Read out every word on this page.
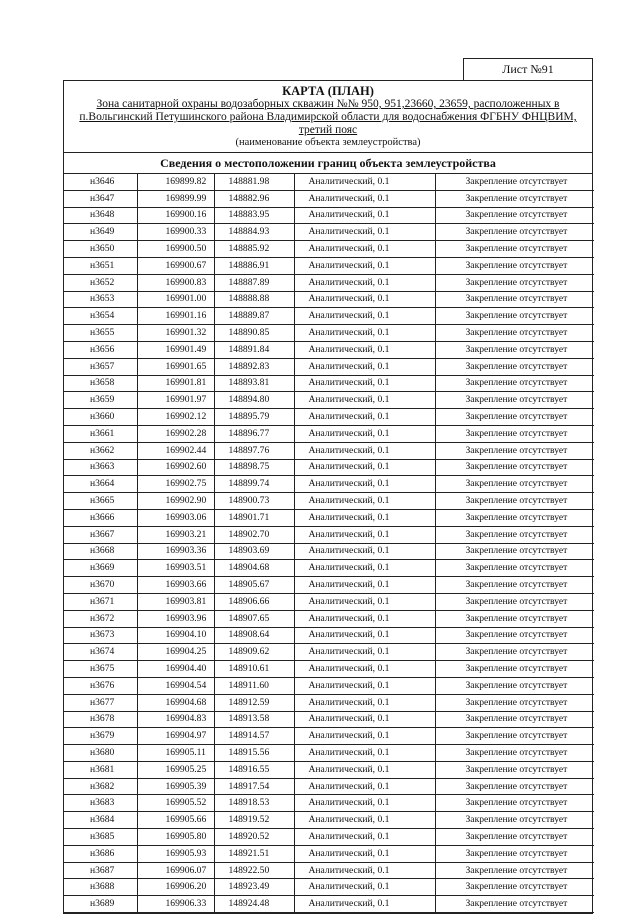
Лист №91
КАРТА (ПЛАН)
Зона санитарной охраны водозаборных скважин №№ 950, 951,23660, 23659, расположенных в
п.Вольгинский Петушинского района Владимирской области для водоснабжения ФГБНУ ФНЦВИМ,
третий пояс
(наименование объекта землеустройства)
Сведения о местоположении границ объекта землеустройства
н3646	169899.82	148881.98	Аналитический, 0.1	Закрепление отсутствует
н3647	169899.99	148882.96	Аналитический, 0.1	Закрепление отсутствует
н3648	169900.16	148883.95	Аналитический, 0.1	Закрепление отсутствует
н3649	169900.33	148884.93	Аналитический, 0.1	Закрепление отсутствует
н3650	169900.50	148885.92	Аналитический, 0.1	Закрепление отсутствует
н3651	169900.67	148886.91	Аналитический, 0.1	Закрепление отсутствует
н3652	169900.83	148887.89	Аналитический, 0.1	Закрепление отсутствует
н3653	169901.00	148888.88	Аналитический, 0.1	Закрепление отсутствует
н3654	169901.16	148889.87	Аналитический, 0.1	Закрепление отсутствует
н3655	169901.32	148890.85	Аналитический, 0.1	Закрепление отсутствует
н3656	169901.49	148891.84	Аналитический, 0.1	Закрепление отсутствует
н3657	169901.65	148892.83	Аналитический, 0.1	Закрепление отсутствует
н3658	169901.81	148893.81	Аналитический, 0.1	Закрепление отсутствует
н3659	169901.97	148894.80	Аналитический, 0.1	Закрепление отсутствует
н3660	169902.12	148895.79	Аналитический, 0.1	Закрепление отсутствует
н3661	169902.28	148896.77	Аналитический, 0.1	Закрепление отсутствует
н3662	169902.44	148897.76	Аналитический, 0.1	Закрепление отсутствует
н3663	169902.60	148898.75	Аналитический, 0.1	Закрепление отсутствует
н3664	169902.75	148899.74	Аналитический, 0.1	Закрепление отсутствует
н3665	169902.90	148900.73	Аналитический, 0.1	Закрепление отсутствует
н3666	169903.06	148901.71	Аналитический, 0.1	Закрепление отсутствует
н3667	169903.21	148902.70	Аналитический, 0.1	Закрепление отсутствует
н3668	169903.36	148903.69	Аналитический, 0.1	Закрепление отсутствует
н3669	169903.51	148904.68	Аналитический, 0.1	Закрепление отсутствует
н3670	169903.66	148905.67	Аналитический, 0.1	Закрепление отсутствует
н3671	169903.81	148906.66	Аналитический, 0.1	Закрепление отсутствует
н3672	169903.96	148907.65	Аналитический, 0.1	Закрепление отсутствует
н3673	169904.10	148908.64	Аналитический, 0.1	Закрепление отсутствует
н3674	169904.25	148909.62	Аналитический, 0.1	Закрепление отсутствует
н3675	169904.40	148910.61	Аналитический, 0.1	Закрепление отсутствует
н3676	169904.54	148911.60	Аналитический, 0.1	Закрепление отсутствует
н3677	169904.68	148912.59	Аналитический, 0.1	Закрепление отсутствует
н3678	169904.83	148913.58	Аналитический, 0.1	Закрепление отсутствует
н3679	169904.97	148914.57	Аналитический, 0.1	Закрепление отсутствует
н3680	169905.11	148915.56	Аналитический, 0.1	Закрепление отсутствует
н3681	169905.25	148916.55	Аналитический, 0.1	Закрепление отсутствует
н3682	169905.39	148917.54	Аналитический, 0.1	Закрепление отсутствует
н3683	169905.52	148918.53	Аналитический, 0.1	Закрепление отсутствует
н3684	169905.66	148919.52	Аналитический, 0.1	Закрепление отсутствует
н3685	169905.80	148920.52	Аналитический, 0.1	Закрепление отсутствует
н3686	169905.93	148921.51	Аналитический, 0.1	Закрепление отсутствует
н3687	169906.07	148922.50	Аналитический, 0.1	Закрепление отсутствует
н3688	169906.20	148923.49	Аналитический, 0.1	Закрепление отсутствует
н3689	169906.33	148924.48	Аналитический, 0.1	Закрепление отсутствует
